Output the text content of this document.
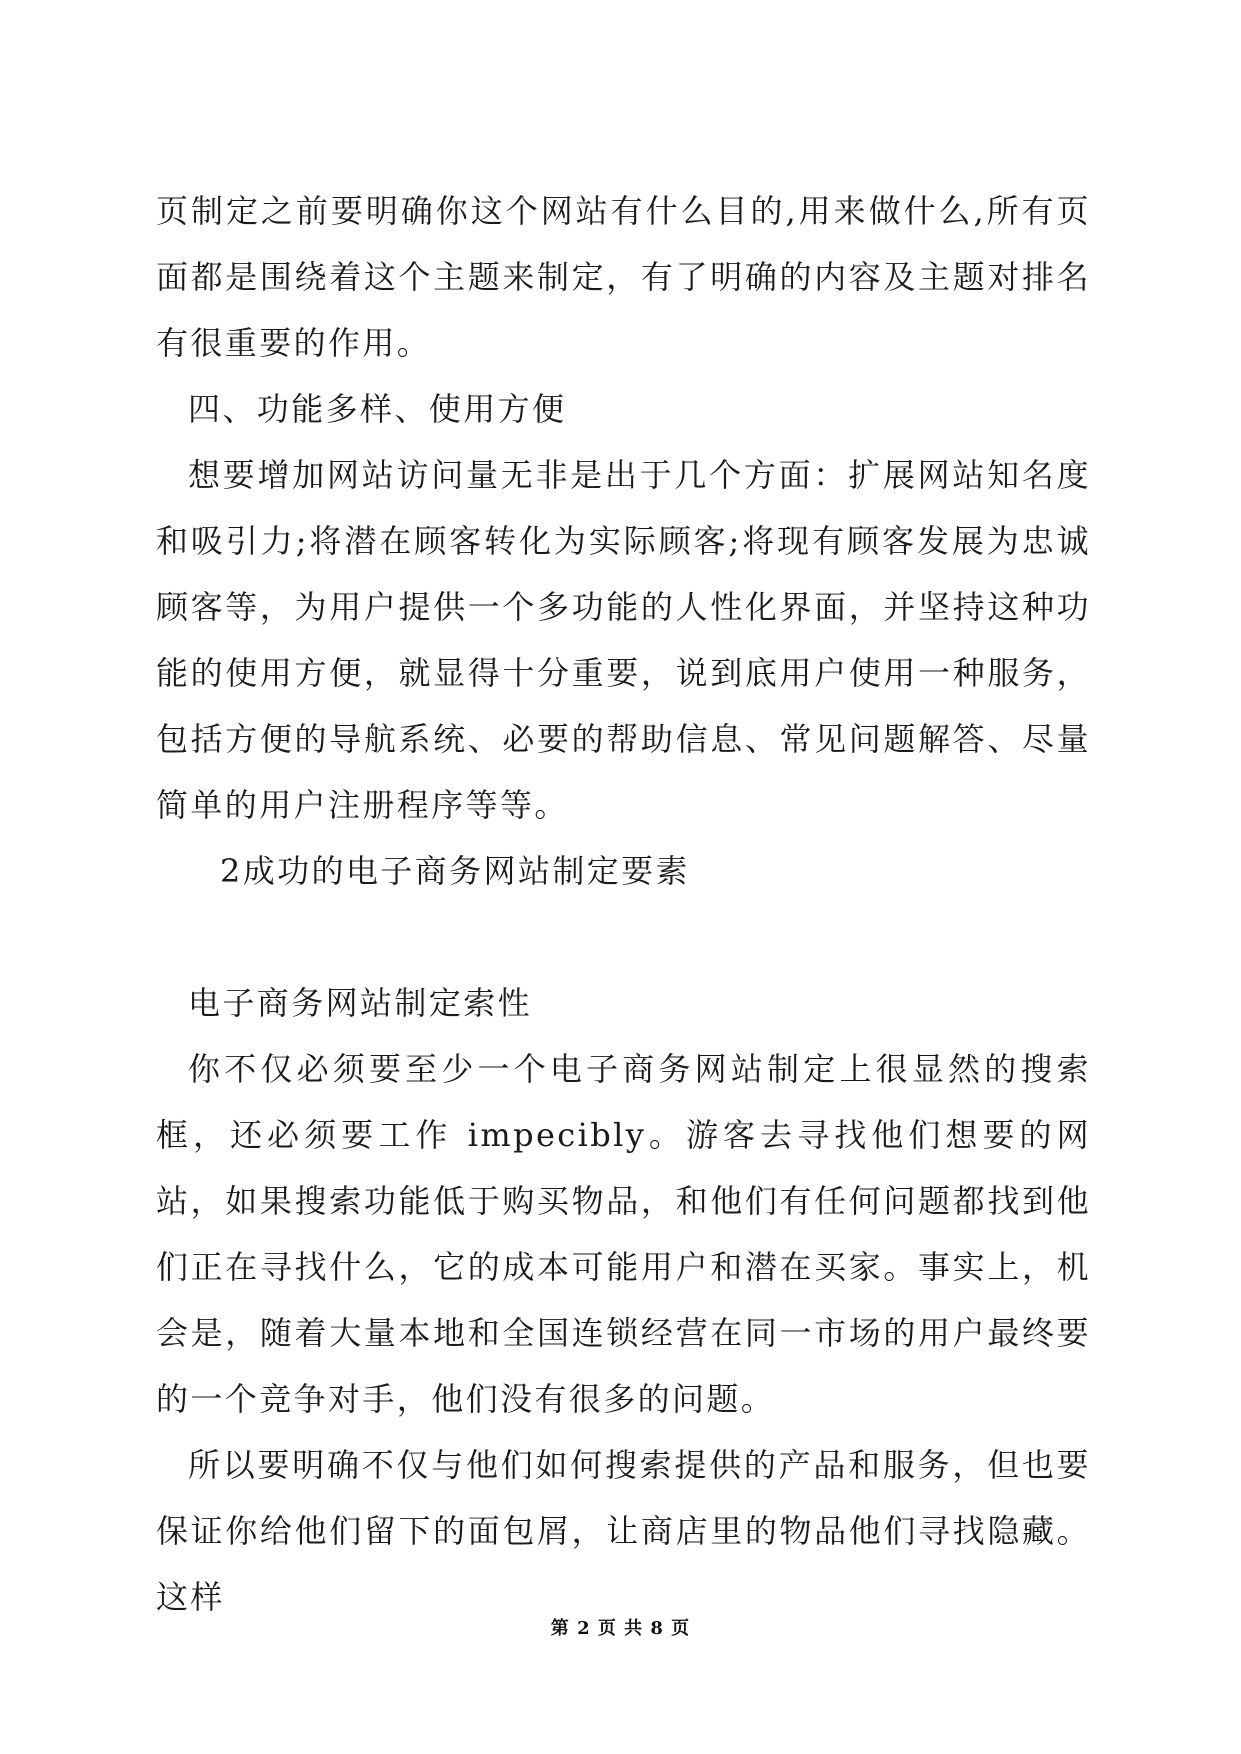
页制定之前要明确你这个网站有什么目的,用来做什么,所有页面都是围绕着这个主题来制定，有了明确的内容及主题对排名有很重要的作用。

四、功能多样、使用方便

想要增加网站访问量无非是出于几个方面：扩展网站知名度和吸引力;将潜在顾客转化为实际顾客;将现有顾客发展为忠诚顾客等，为用户提供一个多功能的人性化界面，并坚持这种功能的使用方便，就显得十分重要，说到底用户使用一种服务，包括方便的导航系统、必要的帮助信息、常见问题解答、尽量简单的用户注册程序等等。

2成功的电子商务网站制定要素

电子商务网站制定索性

你不仅必须要至少一个电子商务网站制定上很显然的搜索框，还必须要工作 impecibly。游客去寻找他们想要的网站，如果搜索功能低于购买物品，和他们有任何问题都找到他们正在寻找什么，它的成本可能用户和潜在买家。事实上，机会是，随着大量本地和全国连锁经营在同一市场的用户最终要的一个竞争对手，他们没有很多的问题。

所以要明确不仅与他们如何搜索提供的产品和服务，但也要保证你给他们留下的面包屑，让商店里的物品他们寻找隐藏。这样

第 2 页 共 8 页
